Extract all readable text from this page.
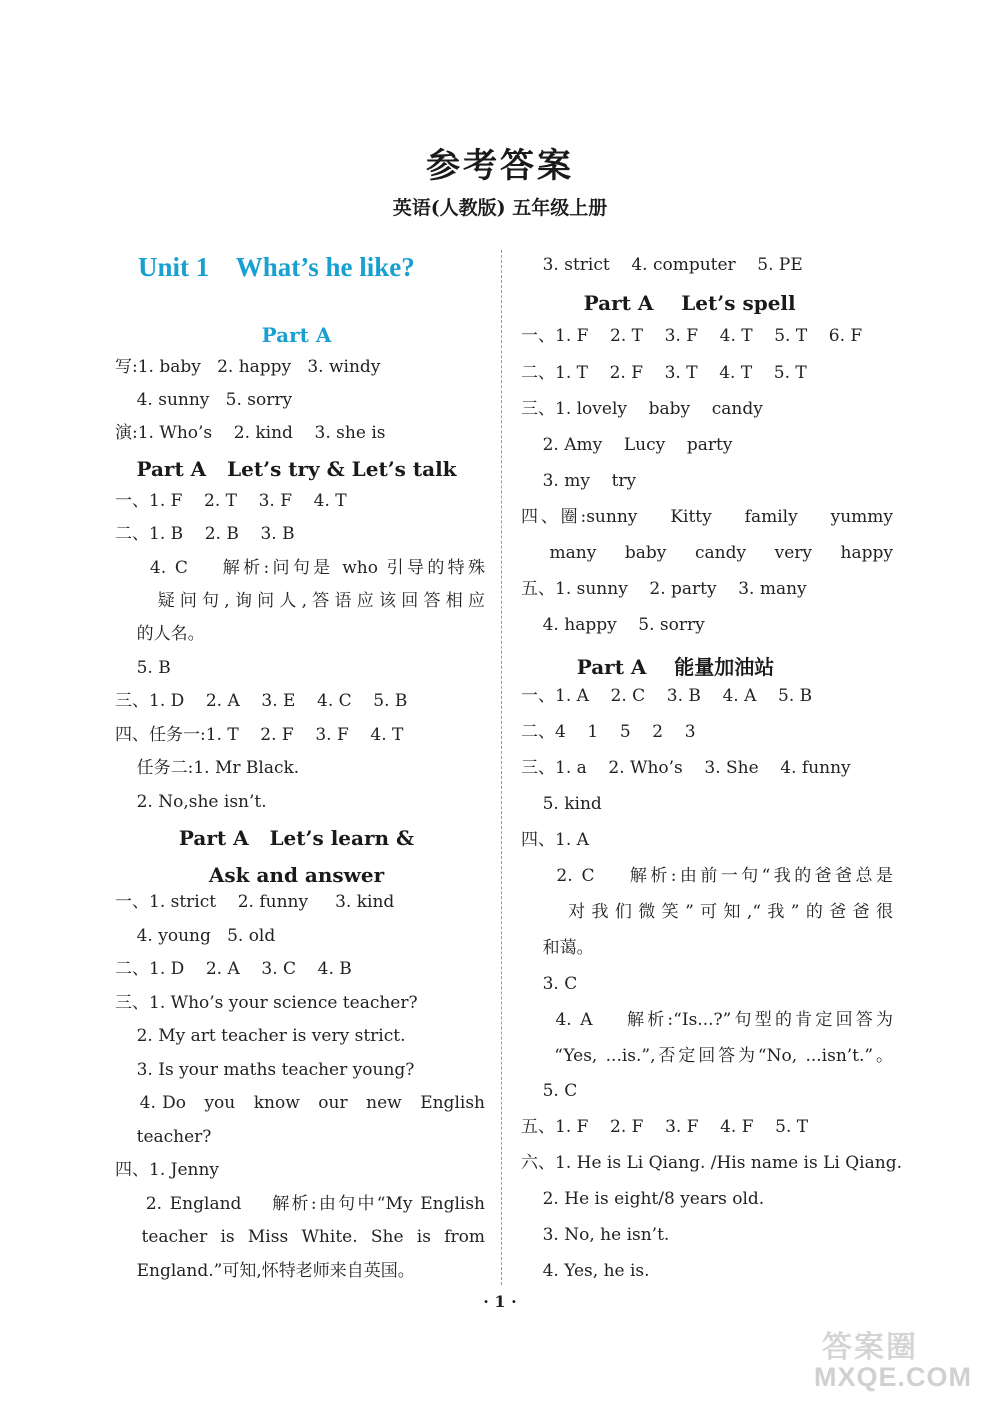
参考答案
英语(人教版) 五年级上册
Unit 1    What’s he like?
Part A
写:1. baby   2. happy   3. windy
4. sunny   5. sorry
演:1. Who’s    2. kind    3. she is
Part A   Let’s try & Let’s talk
一、1. F    2. T    3. F    4. T
二、1. B    2. B    3. B
4. C    解析:问句是 who 引导的特殊
疑问句,询问人,答语应该回答相应
的人名。
5. B
三、1. D    2. A    3. E    4. C    5. B
四、任务一:1. T    2. F    3. F    4. T
任务二:1. Mr Black.
2. No,she isn’t.
Part A   Let’s learn &
Ask and answer
一、1. strict    2. funny     3. kind
4. young   5. old
二、1. D    2. A    3. C    4. B
三、1. Who’s your science teacher?
2. My art teacher is very strict.
3. Is your maths teacher young?
4. Do   you   know   our   new   English
teacher?
四、1. Jenny
2. England    解析:由句中“My English
teacher  is  Miss  White.  She  is  from
England.”可知,怀特老师来自英国。
3. strict    4. computer    5. PE
Part A    Let’s spell
一、1. F    2. T    3. F    4. T    5. T    6. F
二、1. T    2. F    3. T    4. T    5. T
三、1. lovely    baby    candy
2. Amy    Lucy    party
3. my    try
四、圈:sunny    Kitty    family    yummy
many    baby    candy    very    happy
五、1. sunny    2. party    3. many
4. happy    5. sorry
Part A    能量加油站
一、1. A    2. C    3. B    4. A    5. B
二、4    1    5    2    3
三、1. a    2. Who’s    3. She    4. funny
5. kind
四、1. A
2. C    解析:由前一句“我的爸爸总是
对我们微笑”可知,“我”的爸爸很
和蔼。
3. C
4. A    解析:“Is...?”句型的肯定回答为
“Yes, ...is.”,否定回答为“No, ...isn’t.”。
5. C
五、1. F    2. F    3. F    4. F    5. T
六、1. He is Li Qiang. /His name is Li Qiang.
2. He is eight/8 years old.
3. No, he isn’t.
4. Yes, he is.
· 1 ·
答案圈
MXQE.COM
